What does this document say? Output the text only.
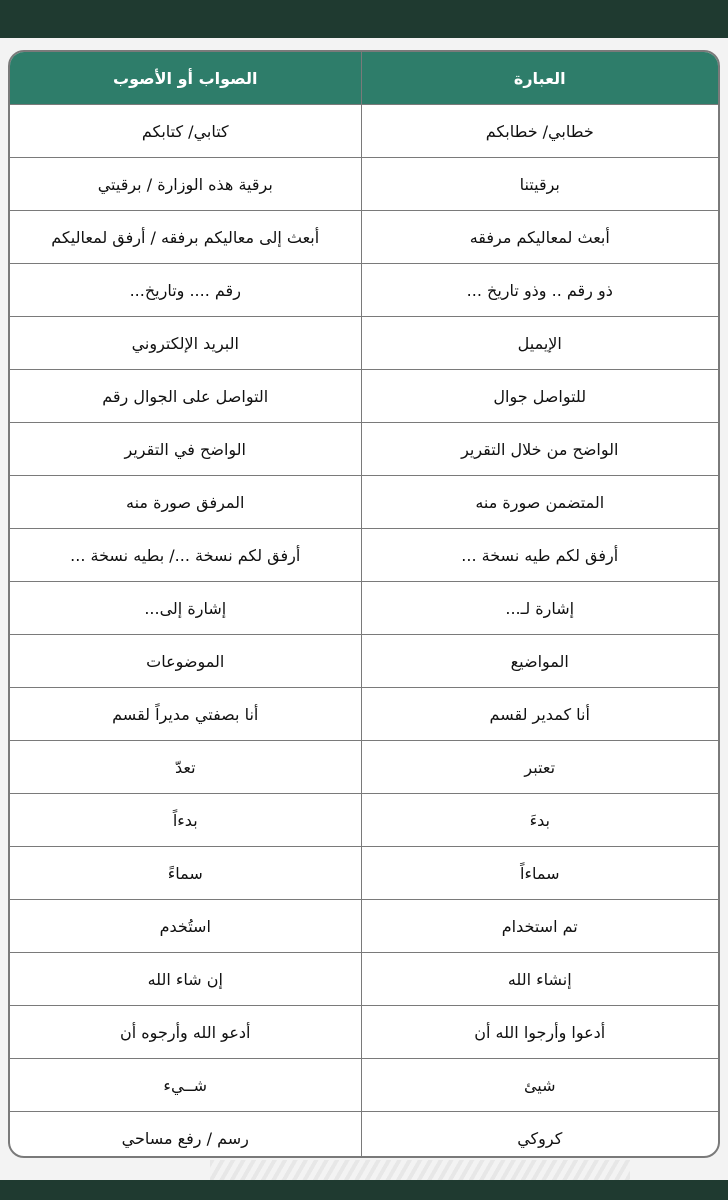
العبارة	الصواب أو الأصوب
خطابي/ خطابكم	كتابي/ كتابكم
برقيتنا	برقية هذه الوزارة / برقيتي
أبعث لمعاليكم مرفقه	أبعث إلى معاليكم برفقه / أرفق لمعاليكم
ذو رقم .. وذو تاريخ ...	رقم .... وتاريخ...
الإيميل	البريد الإلكتروني
للتواصل جوال	التواصل على الجوال رقم
الواضح من خلال التقرير	الواضح في التقرير
المتضمن صورة منه	المرفق صورة منه
أرفق لكم طيه نسخة ...	أرفق لكم نسخة .../ بطيه نسخة ...
إشارة لـ...	إشارة إلى...
المواضيع	الموضوعات
أنا كمدير لقسم	أنا بصفتي مديراً لقسم
تعتبر	تعدّ
بدءَ	بدءاً
سماءاً	سماءً
تم استخدام	استُخدم
إنشاء الله	إن شاء الله
أدعوا وأرجوا الله أن	أدعو الله وأرجوه أن
شيئ	شــيء
كروكي	رسم / رفع مساحي
